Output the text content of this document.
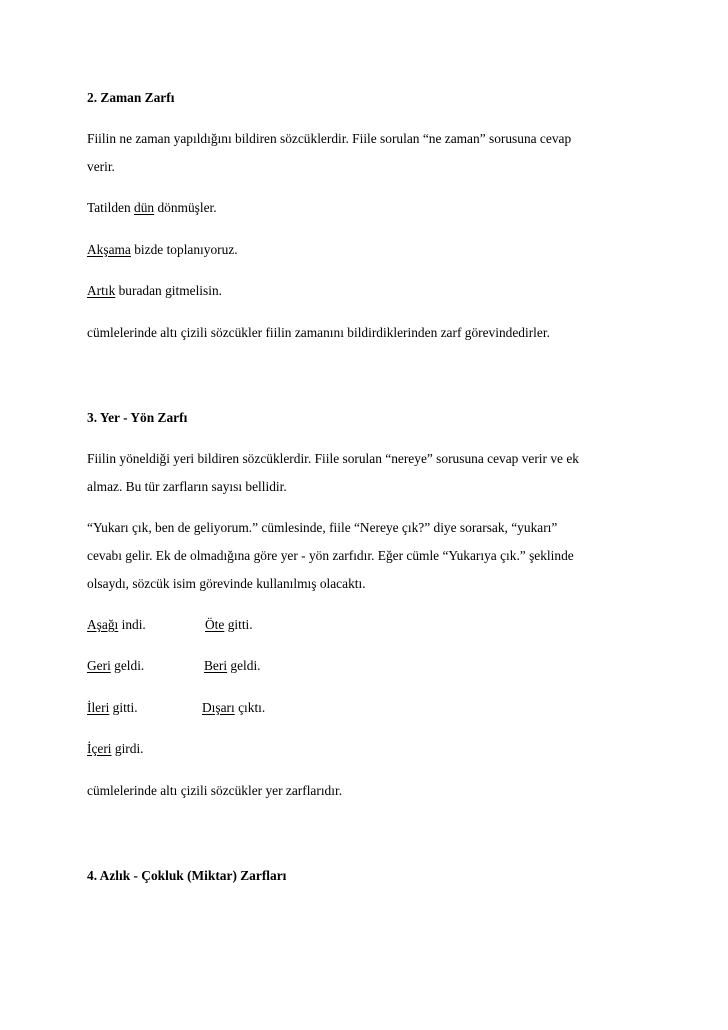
2. Zaman Zarfı
Fiilin ne zaman yapıldığını bildiren sözcüklerdir. Fiile sorulan “ne zaman” sorusuna cevap
verir.
Tatilden dün dönmüşler.
Akşama bizde toplanıyoruz.
Artık buradan gitmelisin.
cümlelerinde altı çizili sözcükler fiilin zamanını bildirdiklerinden zarf görevindedirler.
3. Yer - Yön Zarfı
Fiilin yöneldiği yeri bildiren sözcüklerdir. Fiile sorulan “nereye” sorusuna cevap verir ve ek
almaz. Bu tür zarfların sayısı bellidir.
“Yukarı çık, ben de geliyorum.” cümlesinde, fiile “Nereye çık?” diye sorarsak, “yukarı”
cevabı gelir. Ek de olmadığına göre yer - yön zarfıdır. Eğer cümle “Yukarıya çık.” şeklinde
olsaydı, sözcük isim görevinde kullanılmış olacaktı.
Aşağı indi.	Öte gitti.
Geri geldi.	Beri geldi.
İleri gitti.	Dışarı çıktı.
İçeri girdi.
cümlelerinde altı çizili sözcükler yer zarflarıdır.
4. Azlık - Çokluk (Miktar) Zarfları
